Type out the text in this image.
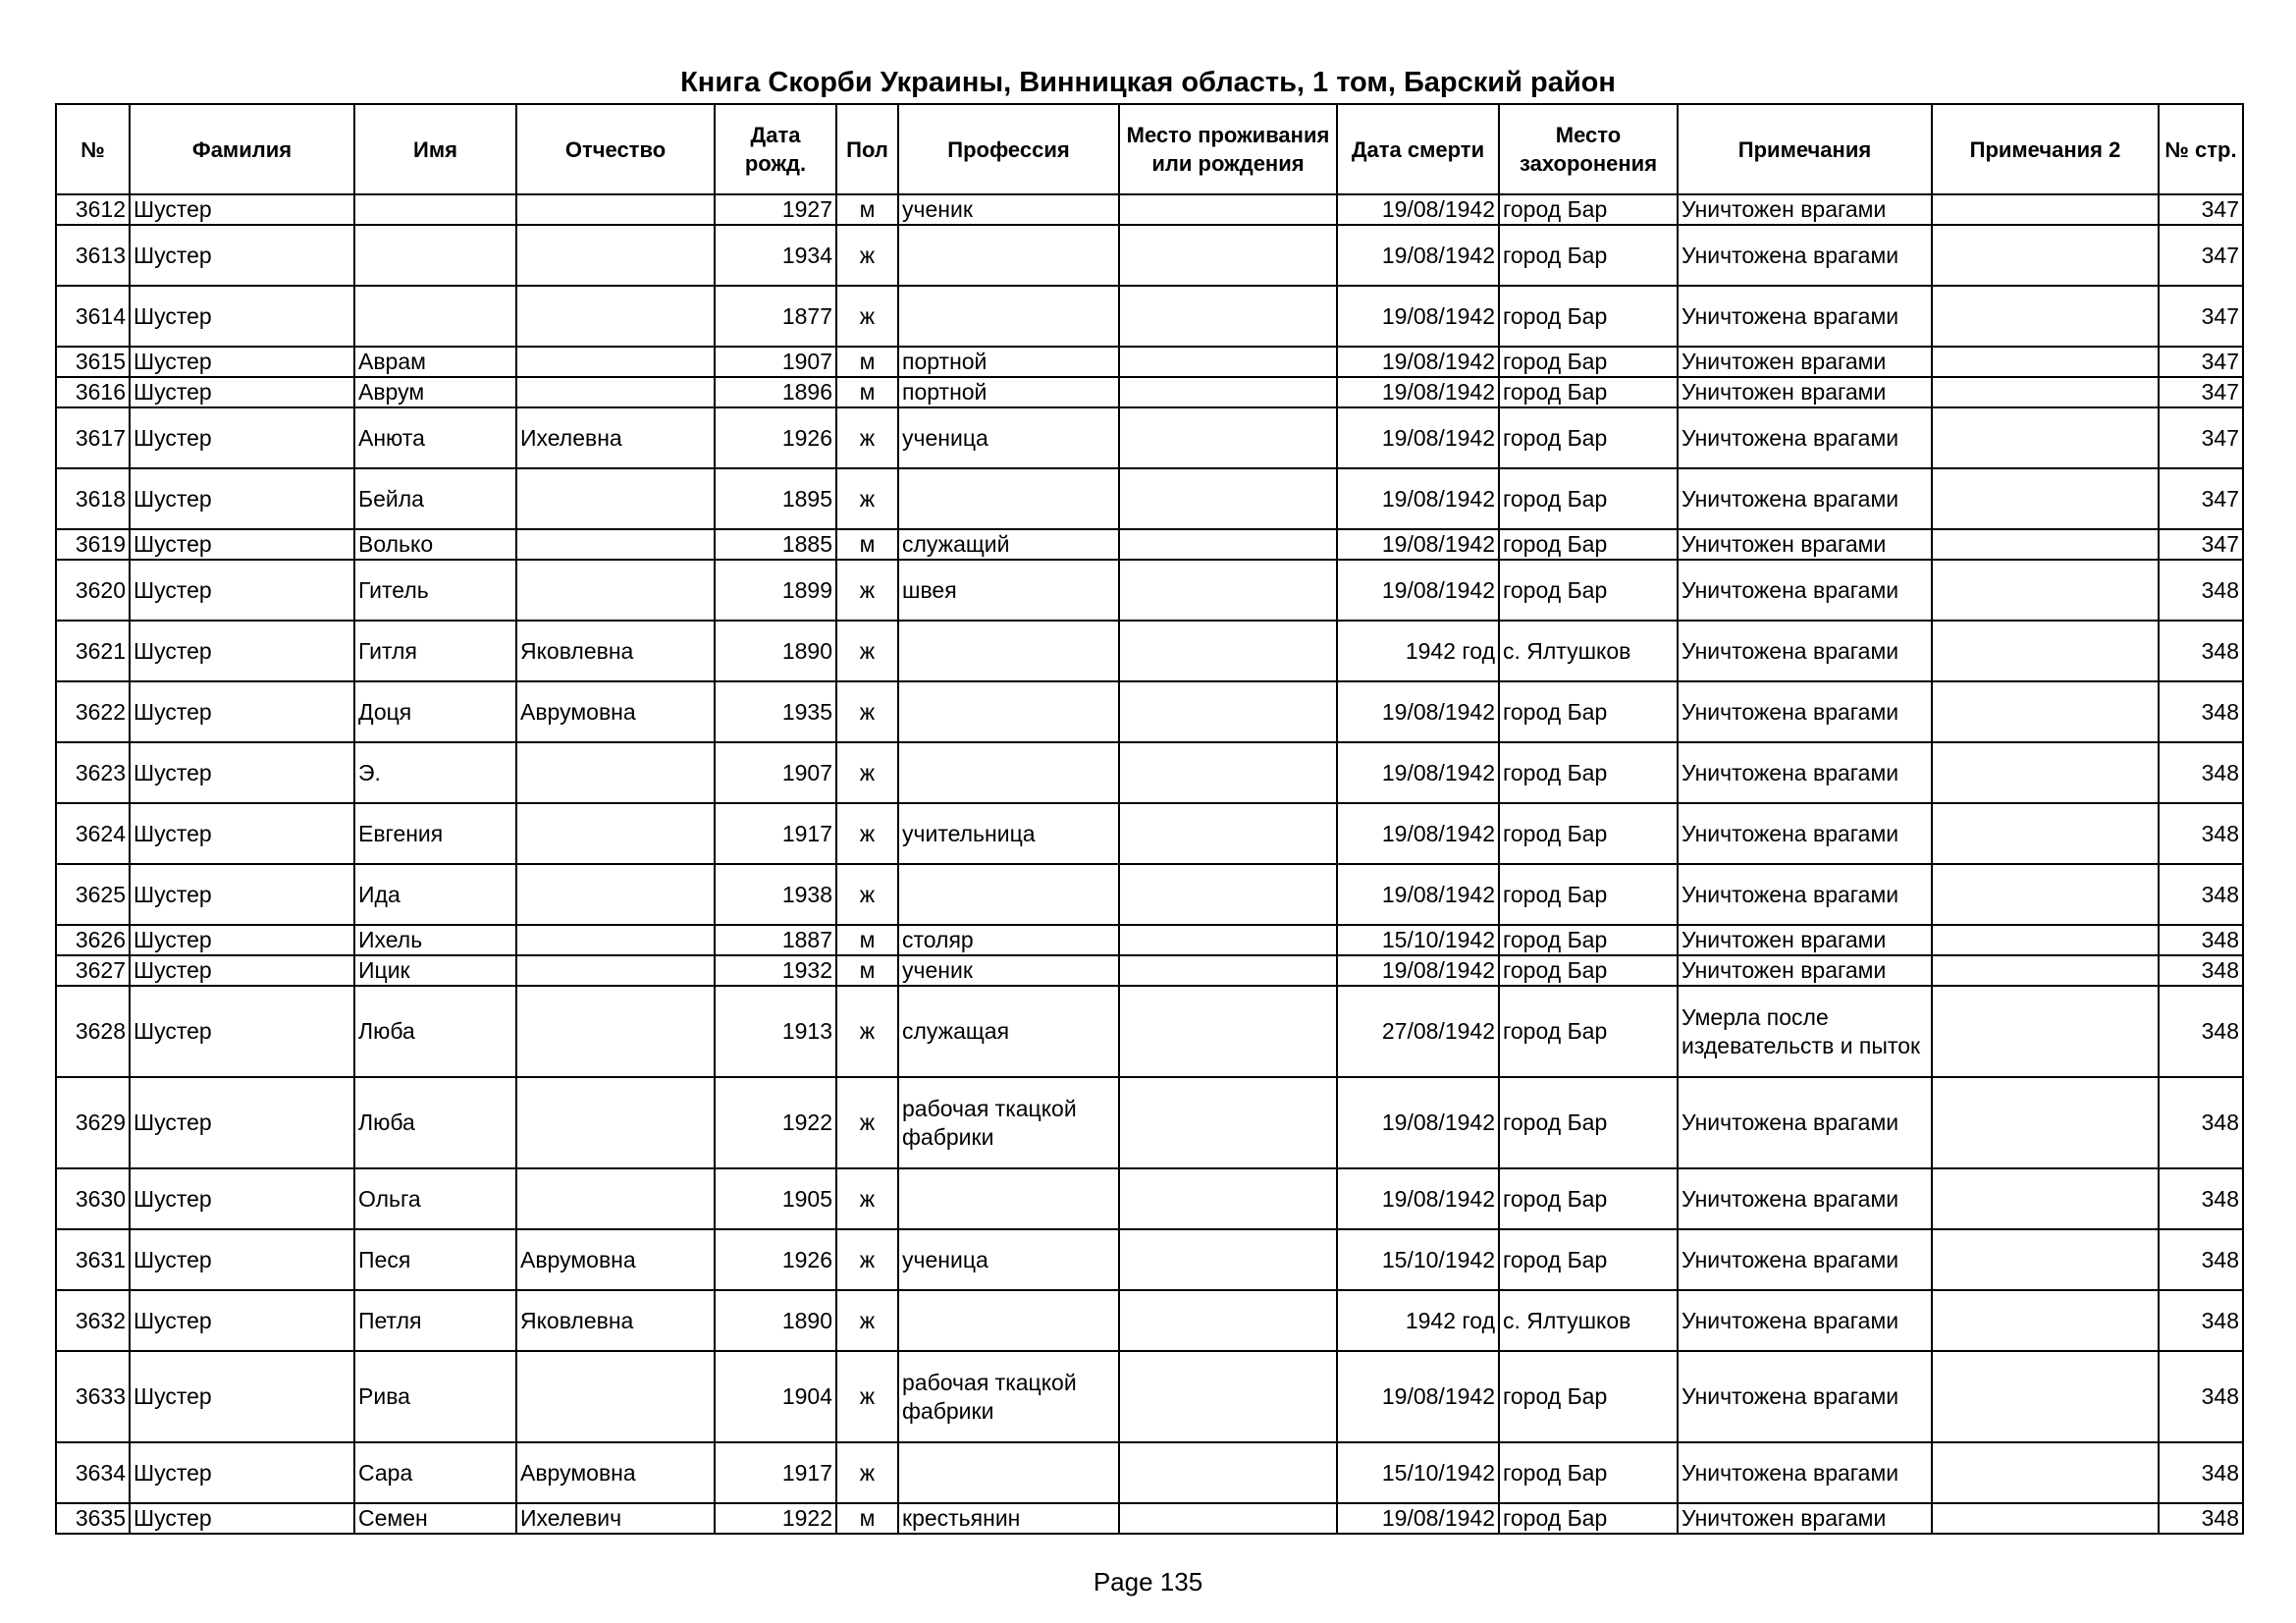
Книга Скорби Украины, Винницкая область, 1 том, Барский район
№	Фамилия	Имя	Отчество	Дата рожд.	Пол	Профессия	Место проживания или рождения	Дата смерти	Место захоронения	Примечания	Примечания 2	№ стр.
3612	Шустер			1927	м	ученик		19/08/1942	город Бар	Уничтожен врагами		347
3613	Шустер			1934	ж			19/08/1942	город Бар	Уничтожена врагами		347
3614	Шустер			1877	ж			19/08/1942	город Бар	Уничтожена врагами		347
3615	Шустер	Аврам		1907	м	портной		19/08/1942	город Бар	Уничтожен врагами		347
3616	Шустер	Аврум		1896	м	портной		19/08/1942	город Бар	Уничтожен врагами		347
3617	Шустер	Анюта	Ихелевна	1926	ж	ученица		19/08/1942	город Бар	Уничтожена врагами		347
3618	Шустер	Бейла		1895	ж			19/08/1942	город Бар	Уничтожена врагами		347
3619	Шустер	Волько		1885	м	служащий		19/08/1942	город Бар	Уничтожен врагами		347
3620	Шустер	Гитель		1899	ж	швея		19/08/1942	город Бар	Уничтожена врагами		348
3621	Шустер	Гитля	Яковлевна	1890	ж			1942 год	с. Ялтушков	Уничтожена врагами		348
3622	Шустер	Доця	Аврумовна	1935	ж			19/08/1942	город Бар	Уничтожена врагами		348
3623	Шустер	Э.		1907	ж			19/08/1942	город Бар	Уничтожена врагами		348
3624	Шустер	Евгения		1917	ж	учительница		19/08/1942	город Бар	Уничтожена врагами		348
3625	Шустер	Ида		1938	ж			19/08/1942	город Бар	Уничтожена врагами		348
3626	Шустер	Ихель		1887	м	столяр		15/10/1942	город Бар	Уничтожен врагами		348
3627	Шустер	Ицик		1932	м	ученик		19/08/1942	город Бар	Уничтожен врагами		348
3628	Шустер	Люба		1913	ж	служащая		27/08/1942	город Бар	Умерла после издевательств и пыток		348
3629	Шустер	Люба		1922	ж	рабочая ткацкой фабрики		19/08/1942	город Бар	Уничтожена врагами		348
3630	Шустер	Ольга		1905	ж			19/08/1942	город Бар	Уничтожена врагами		348
3631	Шустер	Песя	Аврумовна	1926	ж	ученица		15/10/1942	город Бар	Уничтожена врагами		348
3632	Шустер	Петля	Яковлевна	1890	ж			1942 год	с. Ялтушков	Уничтожена врагами		348
3633	Шустер	Рива		1904	ж	рабочая ткацкой фабрики		19/08/1942	город Бар	Уничтожена врагами		348
3634	Шустер	Сара	Аврумовна	1917	ж			15/10/1942	город Бар	Уничтожена врагами		348
3635	Шустер	Семен	Ихелевич	1922	м	крестьянин		19/08/1942	город Бар	Уничтожен врагами		348
Page 135
